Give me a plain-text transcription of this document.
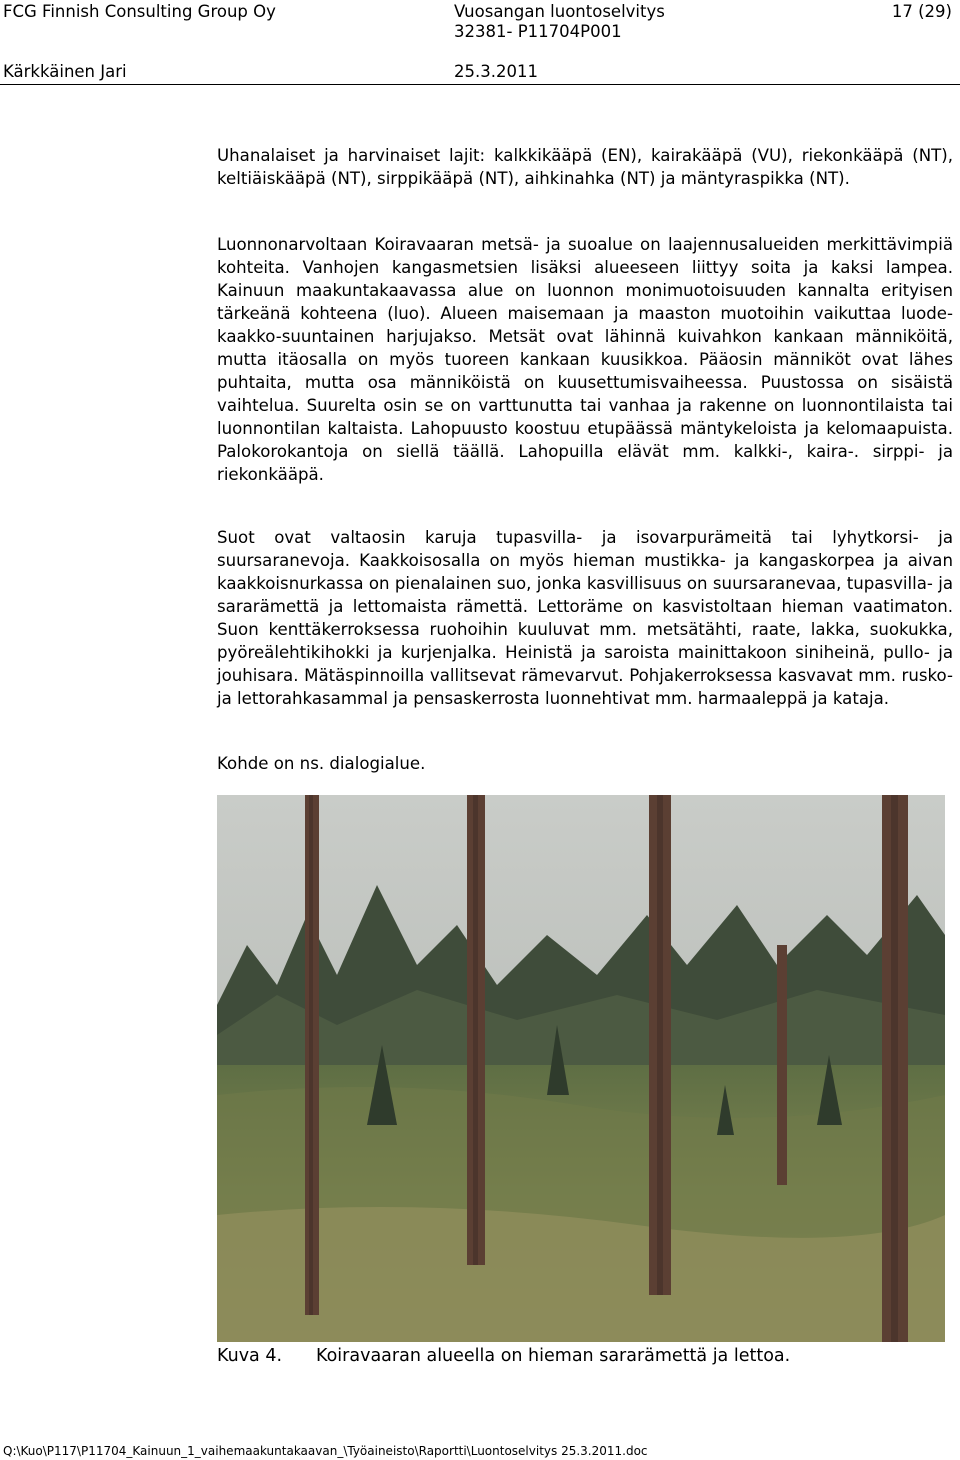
FCG Finnish Consulting Group Oy	Vuosangan luontoselvitys
32381- P11704P001
17 (29)
Kärkkäinen Jari	25.3.2011

Uhanalaiset ja harvinaiset lajit: kalkkikääpä (EN), kairakääpä (VU), riekonkääpä (NT), keltiäiskääpä (NT), sirppikääpä (NT), aihkinahka (NT) ja mäntyraspikka (NT).

Luonnonarvoltaan Koiravaaran metsä- ja suoalue on laajennusalueiden merkittävimpiä kohteita. Vanhojen kangasmetsien lisäksi alueeseen liittyy soita ja kaksi lampea. Kainuun maakuntakaavassa alue on luonnon monimuotoisuuden kannalta erityisen tärkeänä kohteena (luo). Alueen maisemaan ja maaston muotoihin vaikuttaa luode-kaakko-suuntainen harjujakso. Metsät ovat lähinnä kuivahkon kankaan männiköitä, mutta itäosalla on myös tuoreen kankaan kuusikkoa. Pääosin männiköt ovat lähes puhtaita, mutta osa männiköistä on kuusettumisvaiheessa. Puustossa on sisäistä vaihtelua. Suurelta osin se on varttunutta tai vanhaa ja rakenne on luonnontilaista tai luonnontilan kaltaista. Lahopuusto koostuu etupäässä mäntykeloista ja kelomaapuista. Palokorokantoja on siellä täällä. Lahopuilla elävät mm. kalkki-, kaira-. sirppi- ja riekonkääpä.

Suot ovat valtaosin karuja tupasvilla- ja isovarpurämeitä tai lyhytkorsi- ja suursaranevoja. Kaakkoisosalla on myös hieman mustikka- ja kangaskorpea ja aivan kaakkoisnurkassa on pienalainen suo, jonka kasvillisuus on suursaranevaa, tupasvilla- ja sararämettä ja lettomaista rämettä. Lettoräme on kasvistoltaan hieman vaatimaton. Suon kenttäkerroksessa ruohoihin kuuluvat mm. metsätähti, raate, lakka, suokukka, pyöreälehtikihokki ja kurjenjalka. Heinistä ja saroista mainittakoon siniheinä, pullo- ja jouhisara. Mätäspinnoilla vallitsevat rämevarvut. Pohjakerroksessa kasvavat mm. rusko- ja lettorahkasammal ja pensaskerrosta luonnehtivat mm. harmaaleppä ja kataja.

Kohde on ns. dialogialue.

Kuva 4. Koiravaaran alueella on hieman sararämettä ja lettoa.
Q:\Kuo\P117\P11704_Kainuun_1_vaihemaakuntakaavan_\Työaineisto\Raportti\Luontoselvitys 25.3.2011.doc
